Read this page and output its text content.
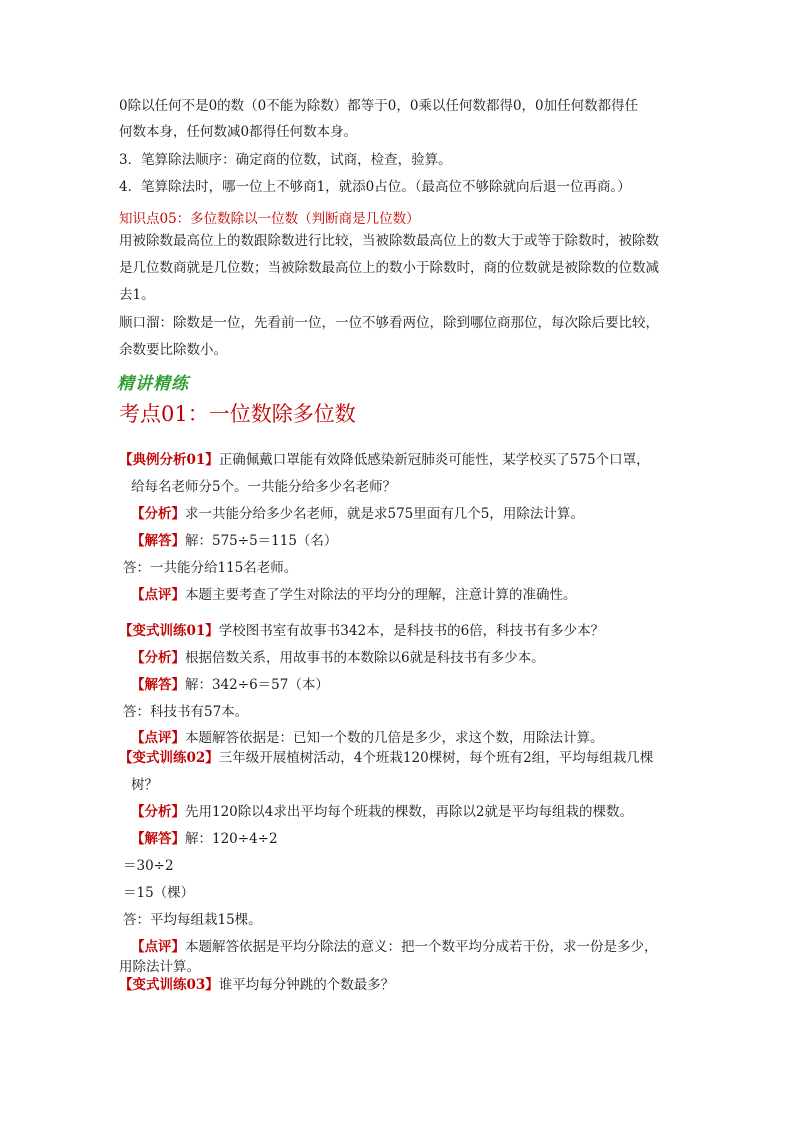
0除以任何不是0的数（0不能为除数）都等于0，0乘以任何数都得0，0加任何数都得任
何数本身，任何数减0都得任何数本身。
3．笔算除法顺序：确定商的位数，试商，检查，验算。
4．笔算除法时，哪一位上不够商1，就添0占位。（最高位不够除就向后退一位再商。）
知识点05：多位数除以一位数（判断商是几位数）
用被除数最高位上的数跟除数进行比较，当被除数最高位上的数大于或等于除数时，被除数
是几位数商就是几位数；当被除数最高位上的数小于除数时，商的位数就是被除数的位数减
去1。
顺口溜：除数是一位，先看前一位，一位不够看两位，除到哪位商那位，每次除后要比较，
余数要比除数小。
精讲精练
考点01：一位数除多位数
【典例分析01】正确佩戴口罩能有效降低感染新冠肺炎可能性，某学校买了575个口罩，
给每名老师分5个。一共能分给多少名老师？
【分析】求一共能分给多少名老师，就是求575里面有几个5，用除法计算。
【解答】解：575÷5＝115（名）
答：一共能分给115名老师。
【点评】本题主要考查了学生对除法的平均分的理解，注意计算的准确性。
【变式训练01】学校图书室有故事书342本，是科技书的6倍，科技书有多少本？
【分析】根据倍数关系，用故事书的本数除以6就是科技书有多少本。
【解答】解：342÷6＝57（本）
答：科技书有57本。
【点评】本题解答依据是：已知一个数的几倍是多少，求这个数，用除法计算。
【变式训练02】三年级开展植树活动，4个班栽120棵树，每个班有2组，平均每组栽几棵
树？
【分析】先用120除以4求出平均每个班栽的棵数，再除以2就是平均每组栽的棵数。
【解答】解：120÷4÷2
＝30÷2
＝15（棵）
答：平均每组栽15棵。
【点评】本题解答依据是平均分除法的意义：把一个数平均分成若干份，求一份是多少，
用除法计算。
【变式训练03】谁平均每分钟跳的个数最多？
